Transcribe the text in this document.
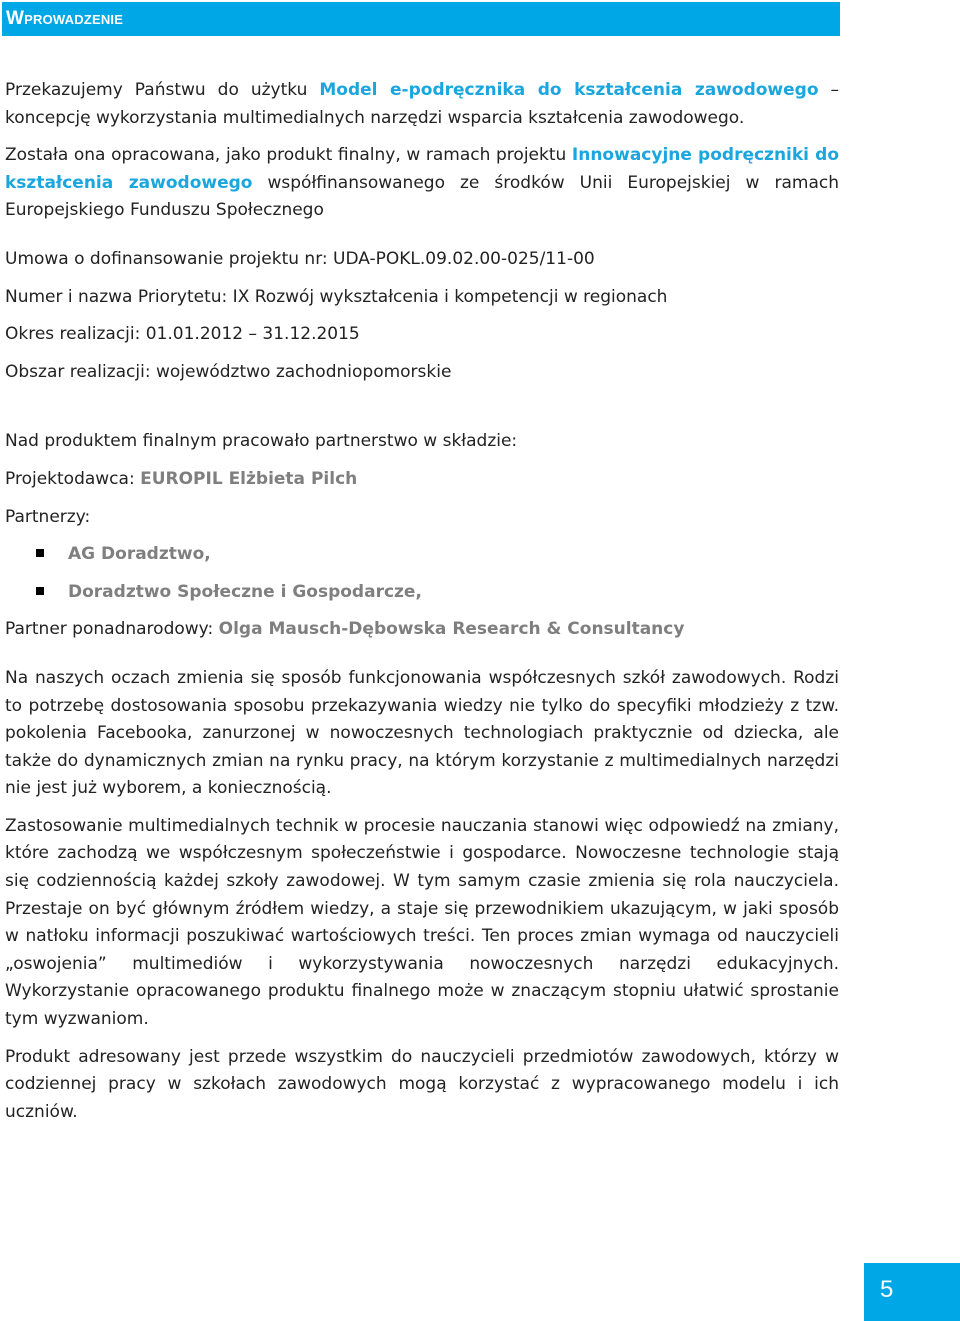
Wprowadzenie

Przekazujemy Państwu do użytku Model e-podręcznika do kształcenia zawodowego – koncepcję wykorzystania multimedialnych narzędzi wsparcia kształcenia zawodowego.

Została ona opracowana, jako produkt finalny, w ramach projektu Innowacyjne podręczniki do kształcenia zawodowego współfinansowanego ze środków Unii Europejskiej w ramach Europejskiego Funduszu Społecznego

Umowa o dofinansowanie projektu nr: UDA-POKL.09.02.00-025/11-00

Numer i nazwa Priorytetu: IX Rozwój wykształcenia i kompetencji w regionach

Okres realizacji: 01.01.2012 – 31.12.2015

Obszar realizacji: województwo zachodniopomorskie

Nad produktem finalnym pracowało partnerstwo w składzie:

Projektodawca: EUROPIL Elżbieta Pilch

Partnerzy:

AG Doradztwo,
Doradztwo Społeczne i Gospodarcze,

Partner ponadnarodowy: Olga Mausch-Dębowska Research & Consultancy

Na naszych oczach zmienia się sposób funkcjonowania współczesnych szkół zawodowych. Rodzi to potrzebę dostosowania sposobu przekazywania wiedzy nie tylko do specyfiki młodzieży z tzw. pokolenia Facebooka, zanurzonej w nowoczesnych technologiach praktycznie od dziecka, ale także do dynamicznych zmian na rynku pracy, na którym korzystanie z multimedialnych narzędzi nie jest już wyborem, a koniecznością.

Zastosowanie multimedialnych technik w procesie nauczania stanowi więc odpowiedź na zmiany, które zachodzą we współczesnym społeczeństwie i gospodarce. Nowoczesne technologie stają się codziennością każdej szkoły zawodowej. W tym samym czasie zmienia się rola nauczyciela. Przestaje on być głównym źródłem wiedzy, a staje się przewodnikiem ukazującym, w jaki sposób w natłoku informacji poszukiwać wartościowych treści. Ten proces zmian wymaga od nauczycieli „oswojenia” multimediów i wykorzystywania nowoczesnych narzędzi edukacyjnych. Wykorzystanie opracowanego produktu finalnego może w znaczącym stopniu ułatwić sprostanie tym wyzwaniom.

Produkt adresowany jest przede wszystkim do nauczycieli przedmiotów zawodowych, którzy w codziennej pracy w szkołach zawodowych mogą korzystać z wypracowanego modelu i ich uczniów.

5
